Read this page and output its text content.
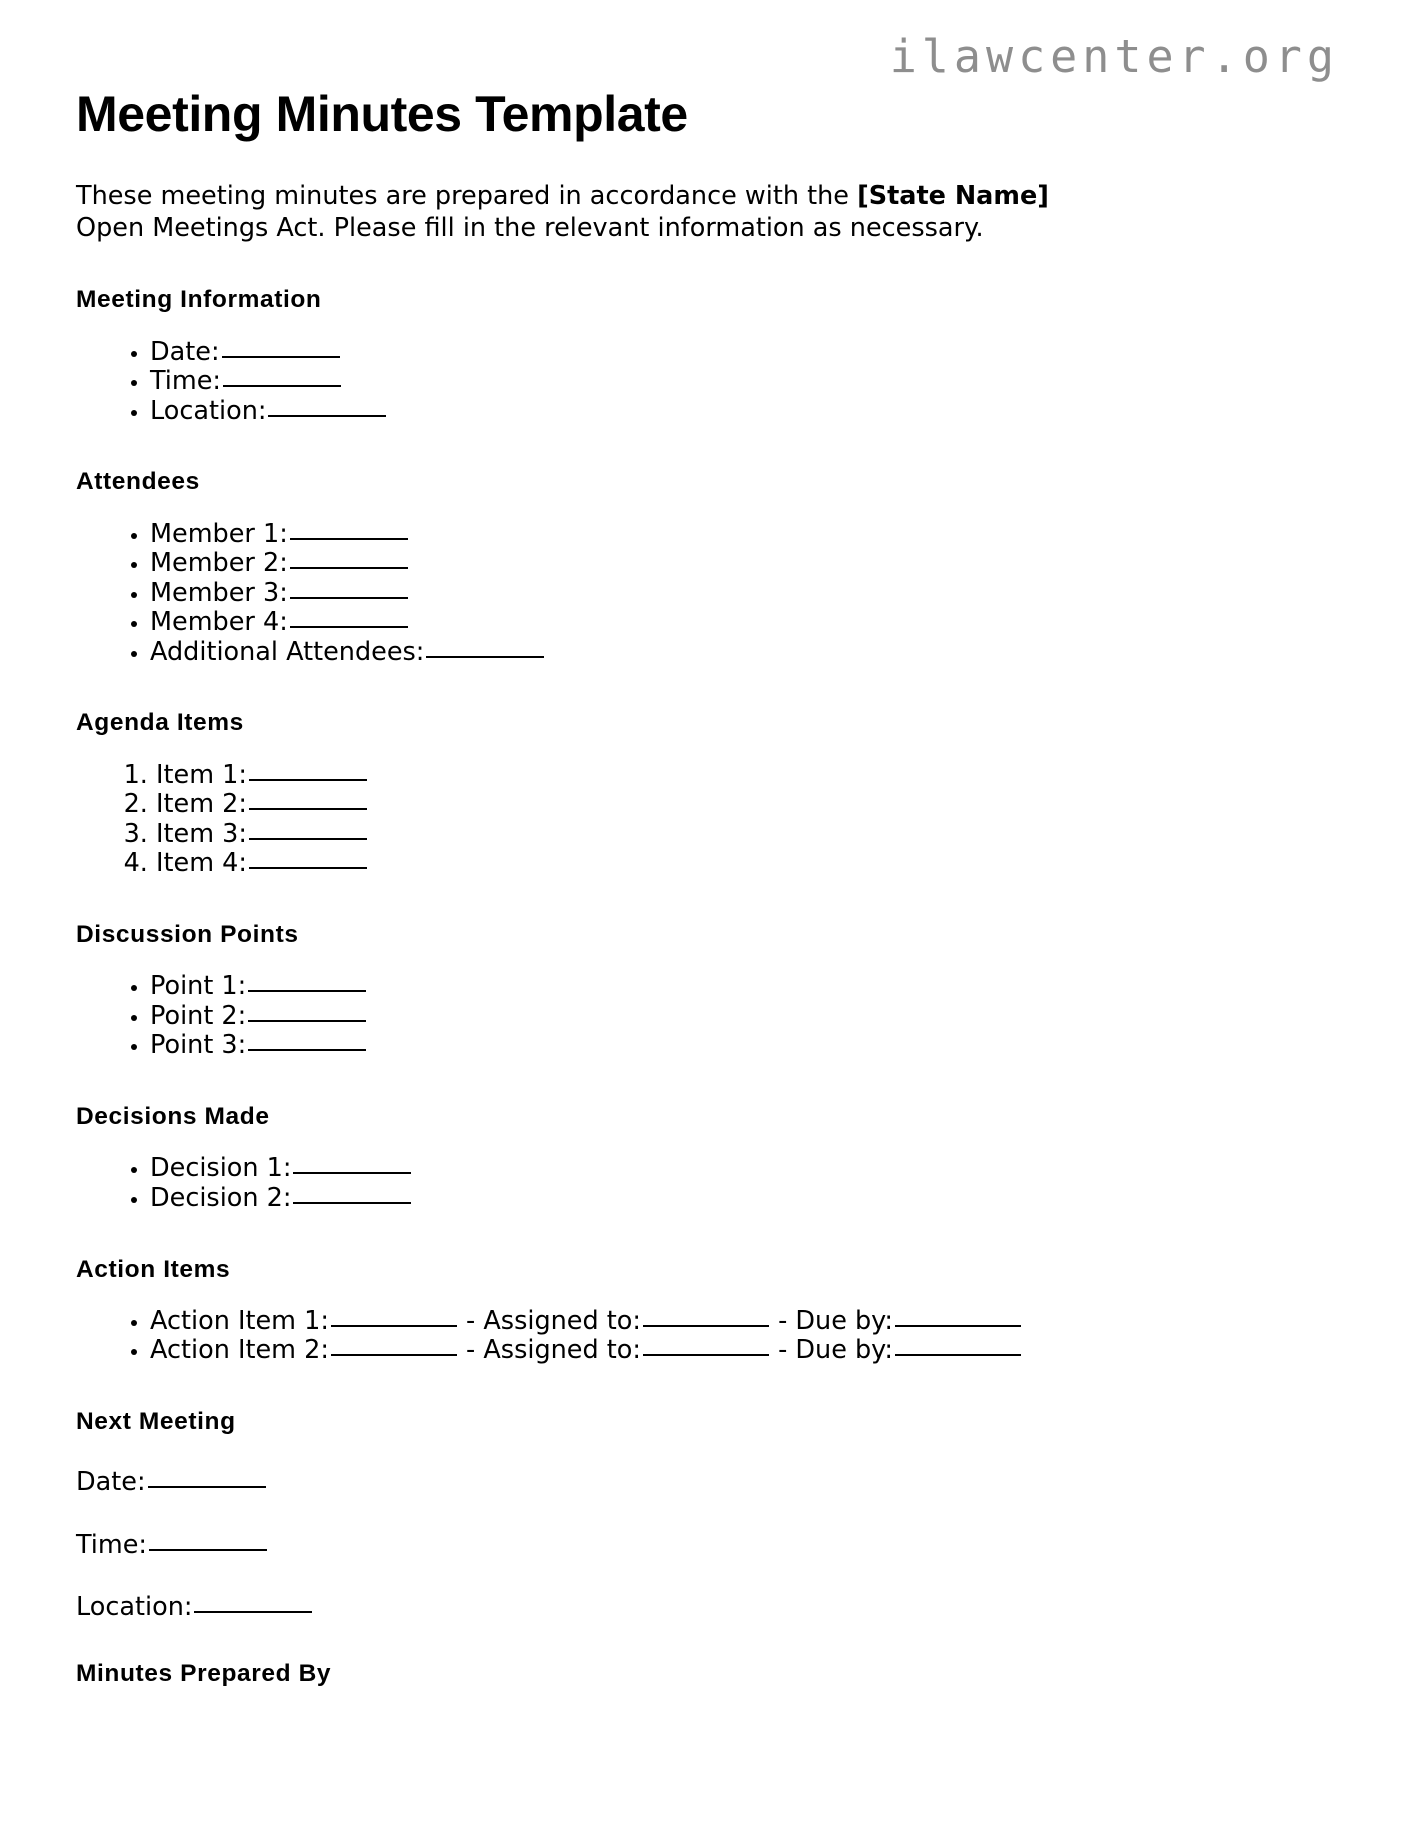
ilawcenter.org
Meeting Minutes Template

These meeting minutes are prepared in accordance with the [State Name] Open Meetings Act. Please fill in the relevant information as necessary.

Meeting Information
• Date:
• Time:
• Location:
Attendees
• Member 1:
• Member 2:
• Member 3:
• Member 4:
• Additional Attendees:
Agenda Items
1. Item 1:
2. Item 2:
3. Item 3:
4. Item 4:
Discussion Points
• Point 1:
• Point 2:
• Point 3:
Decisions Made
• Decision 1:
• Decision 2:
Action Items
• Action Item 1:	- Assigned to:	- Due by:
• Action Item 2:	- Assigned to:	- Due by:
Next Meeting

Date:

Time:

Location:

Minutes Prepared By
